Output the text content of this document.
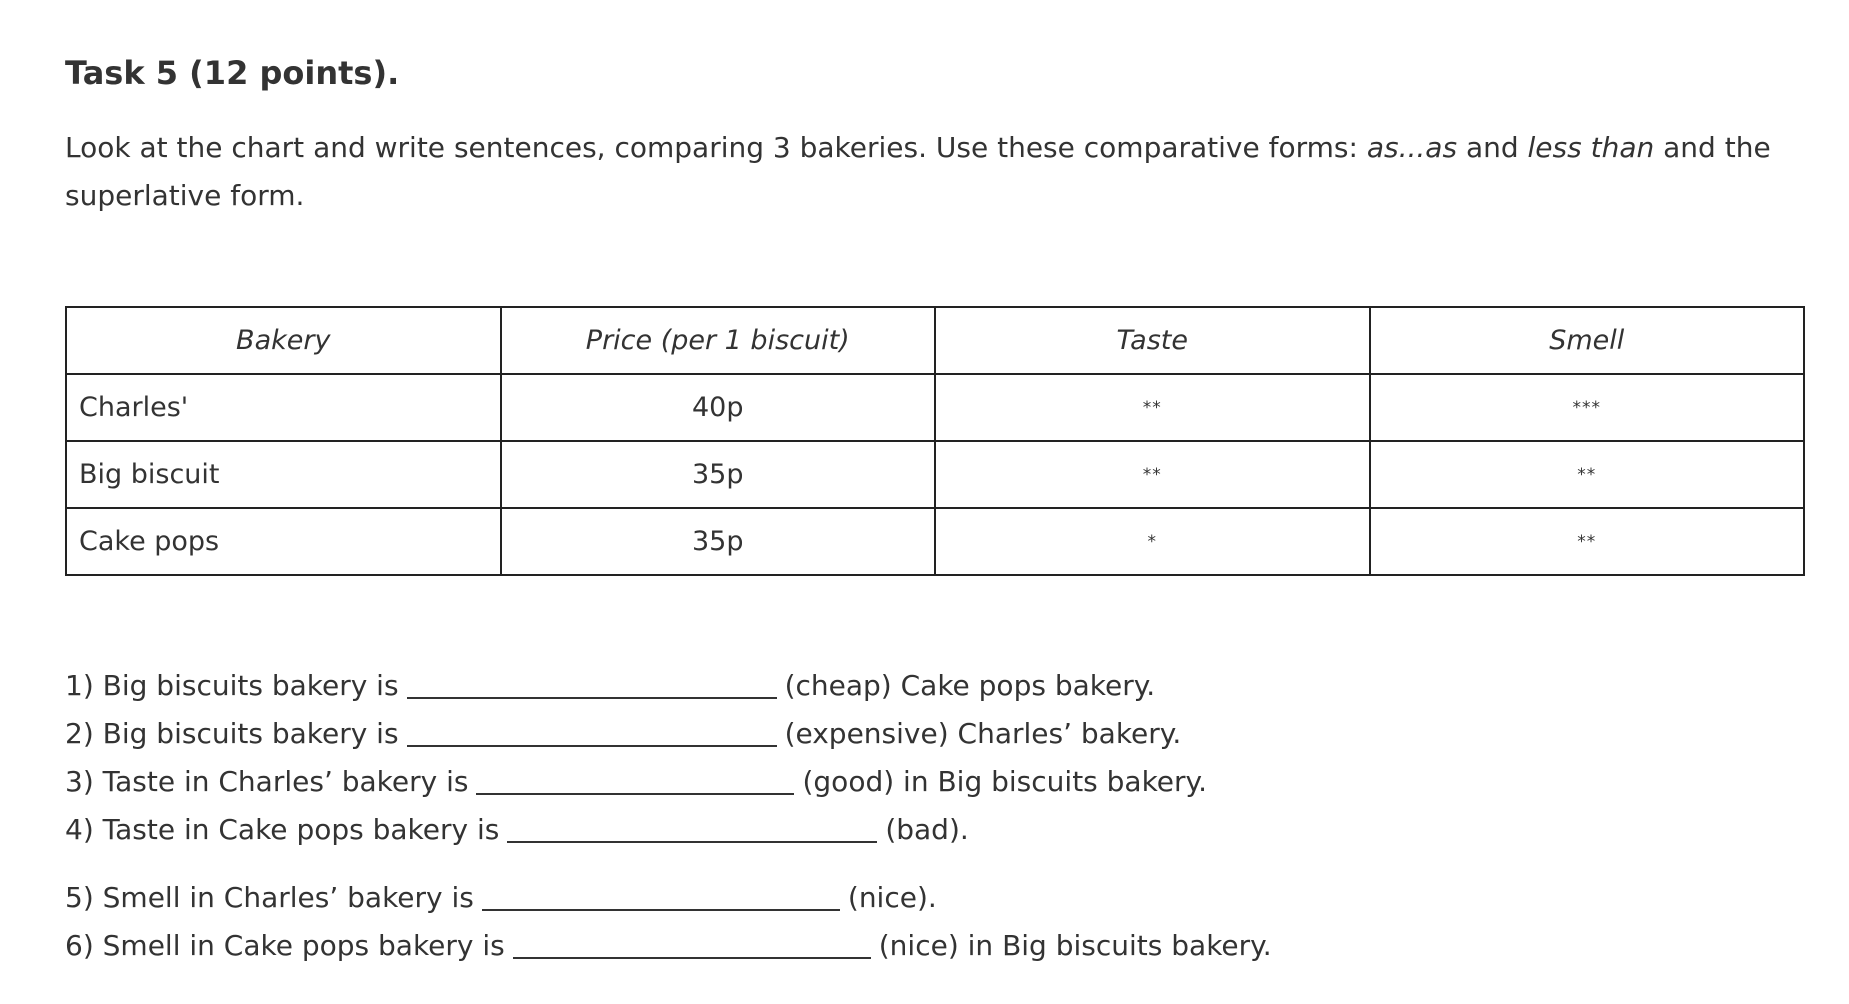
Task 5 (12 points).

Look at the chart and write sentences, comparing 3 bakeries. Use these comparative forms: as...as and less than and the superlative form.

Bakery	Price (per 1 biscuit)	Taste	Smell
Charles'	40p	**	***
Big biscuit	35p	**	**
Cake pops	35p	*	**
1) Big biscuits bakery is	(cheap) Cake pops bakery.
2) Big biscuits bakery is	(expensive) Charles’ bakery.
3) Taste in Charles’ bakery is	(good) in Big biscuits bakery.
4) Taste in Cake pops bakery is	(bad).
5) Smell in Charles’ bakery is	(nice).
6) Smell in Cake pops bakery is	(nice) in Big biscuits bakery.
